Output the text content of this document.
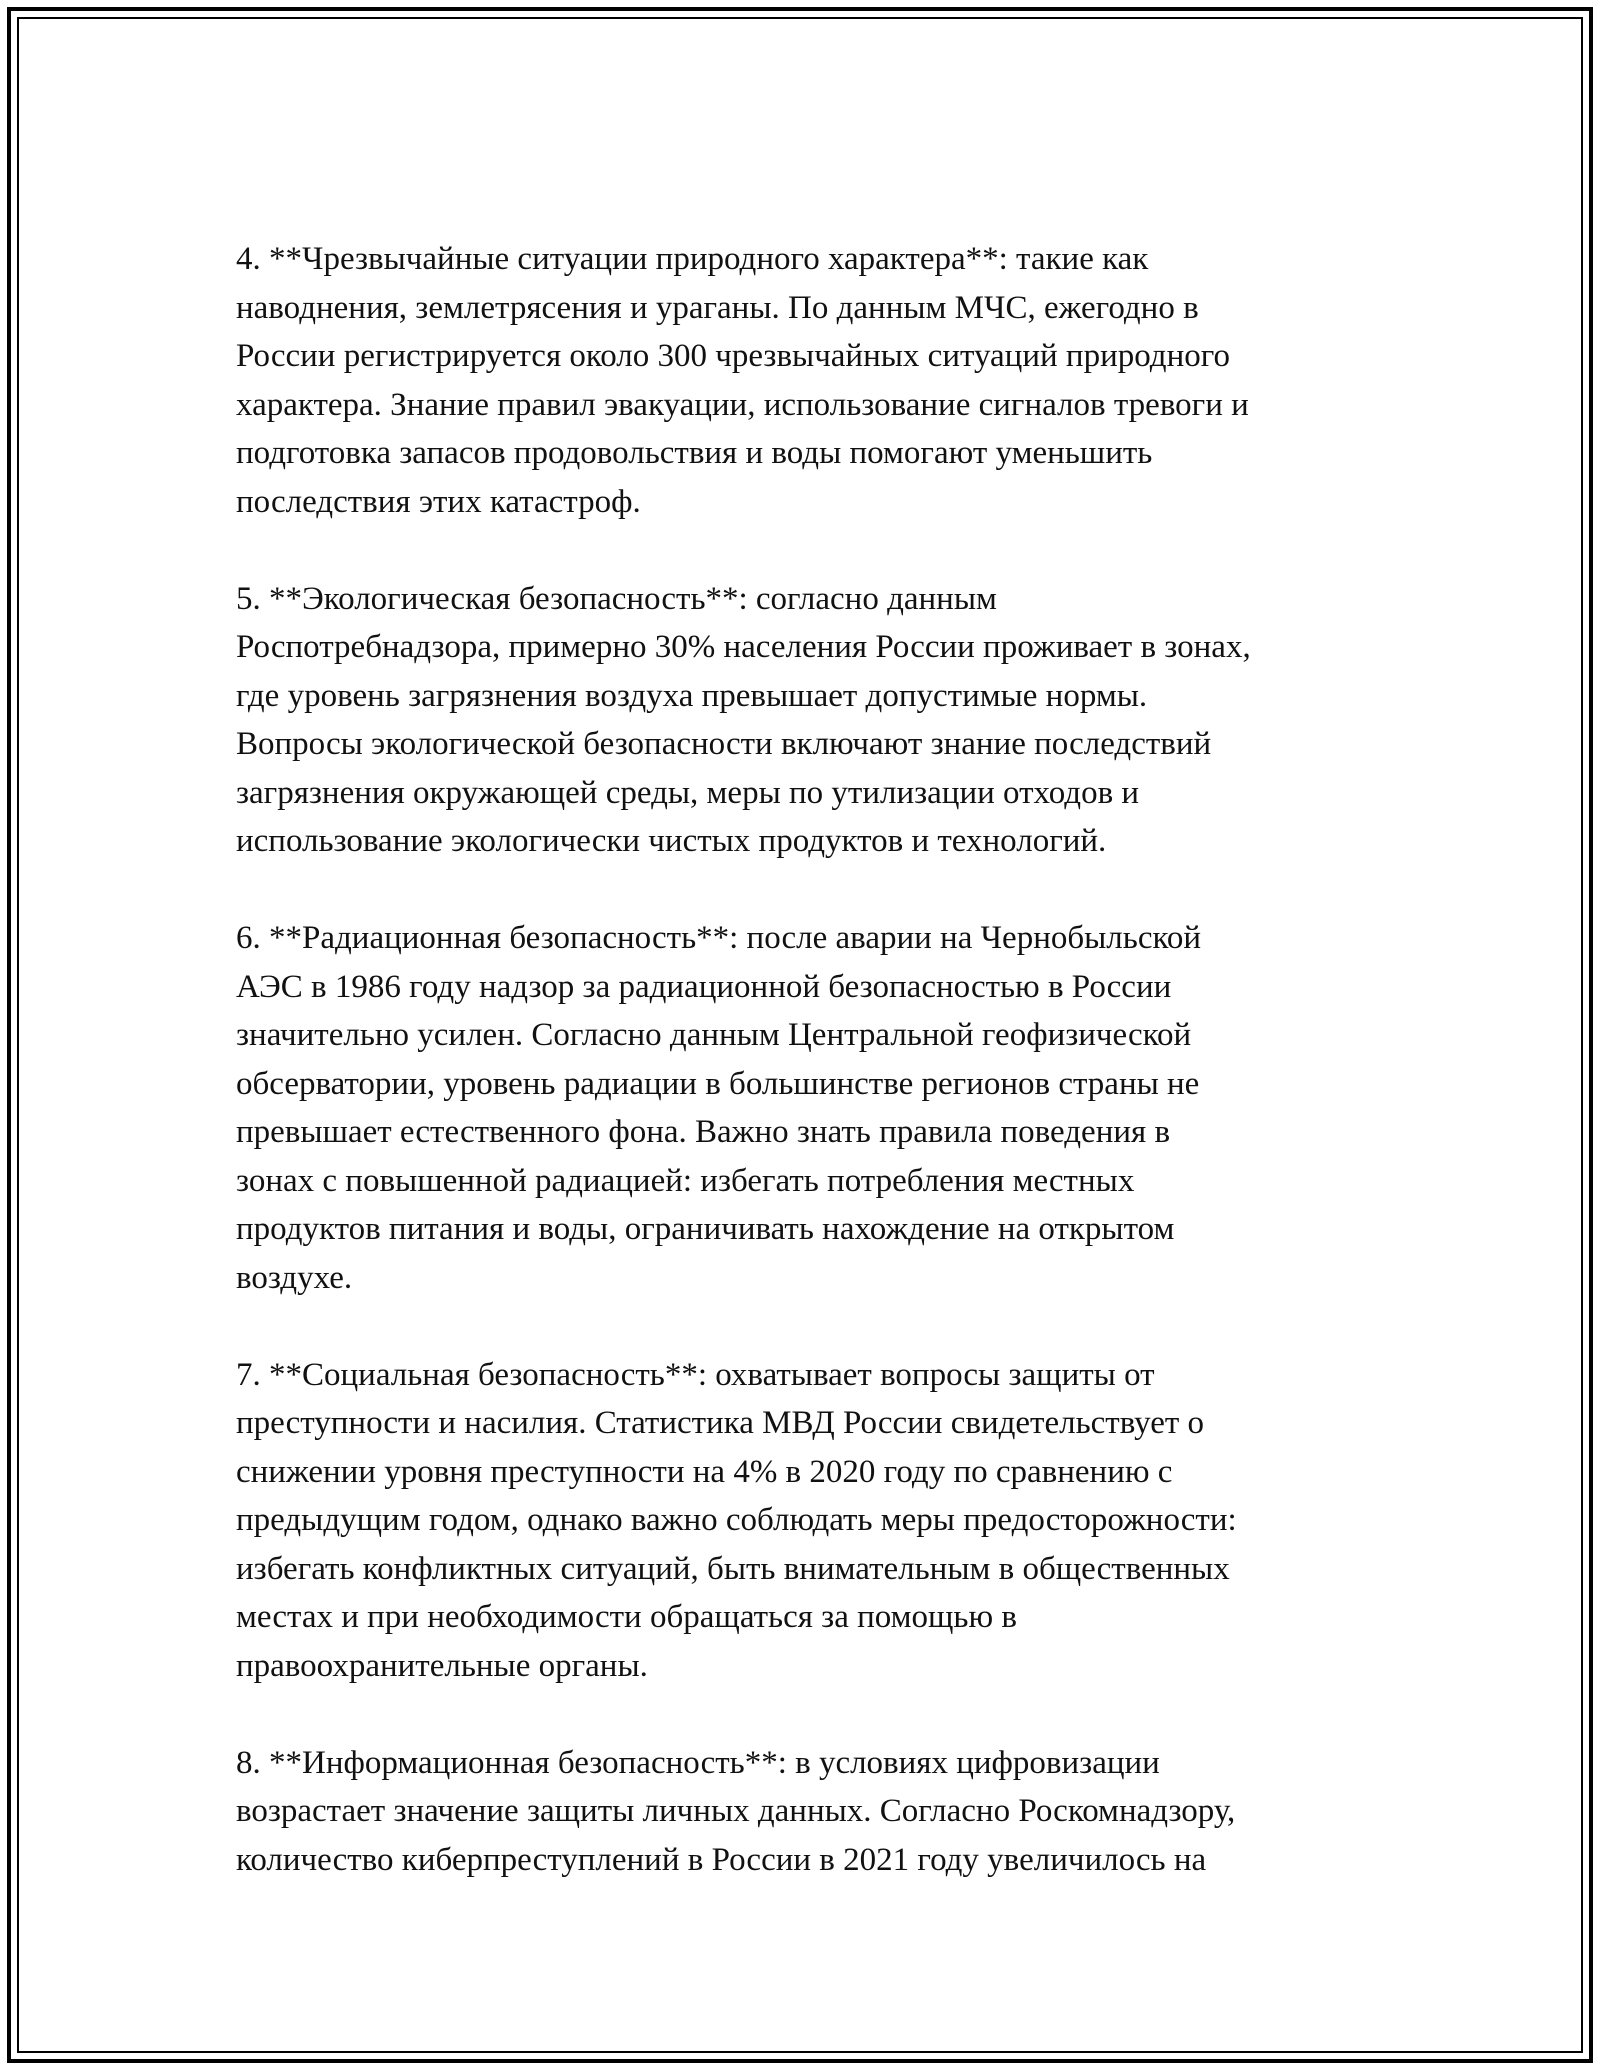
4. **Чрезвычайные ситуации природного характера**: такие как
наводнения, землетрясения и ураганы. По данным МЧС, ежегодно в
России регистрируется около 300 чрезвычайных ситуаций природного
характера. Знание правил эвакуации, использование сигналов тревоги и
подготовка запасов продовольствия и воды помогают уменьшить
последствия этих катастроф.

5. **Экологическая безопасность**: согласно данным
Роспотребнадзора, примерно 30% населения России проживает в зонах,
где уровень загрязнения воздуха превышает допустимые нормы.
Вопросы экологической безопасности включают знание последствий
загрязнения окружающей среды, меры по утилизации отходов и
использование экологически чистых продуктов и технологий.

6. **Радиационная безопасность**: после аварии на Чернобыльской
АЭС в 1986 году надзор за радиационной безопасностью в России
значительно усилен. Согласно данным Центральной геофизической
обсерватории, уровень радиации в большинстве регионов страны не
превышает естественного фона. Важно знать правила поведения в
зонах с повышенной радиацией: избегать потребления местных
продуктов питания и воды, ограничивать нахождение на открытом
воздухе.

7. **Социальная безопасность**: охватывает вопросы защиты от
преступности и насилия. Статистика МВД России свидетельствует о
снижении уровня преступности на 4% в 2020 году по сравнению с
предыдущим годом, однако важно соблюдать меры предосторожности:
избегать конфликтных ситуаций, быть внимательным в общественных
местах и при необходимости обращаться за помощью в
правоохранительные органы.

8. **Информационная безопасность**: в условиях цифровизации
возрастает значение защиты личных данных. Согласно Роскомнадзору,
количество киберпреступлений в России в 2021 году увеличилось на
